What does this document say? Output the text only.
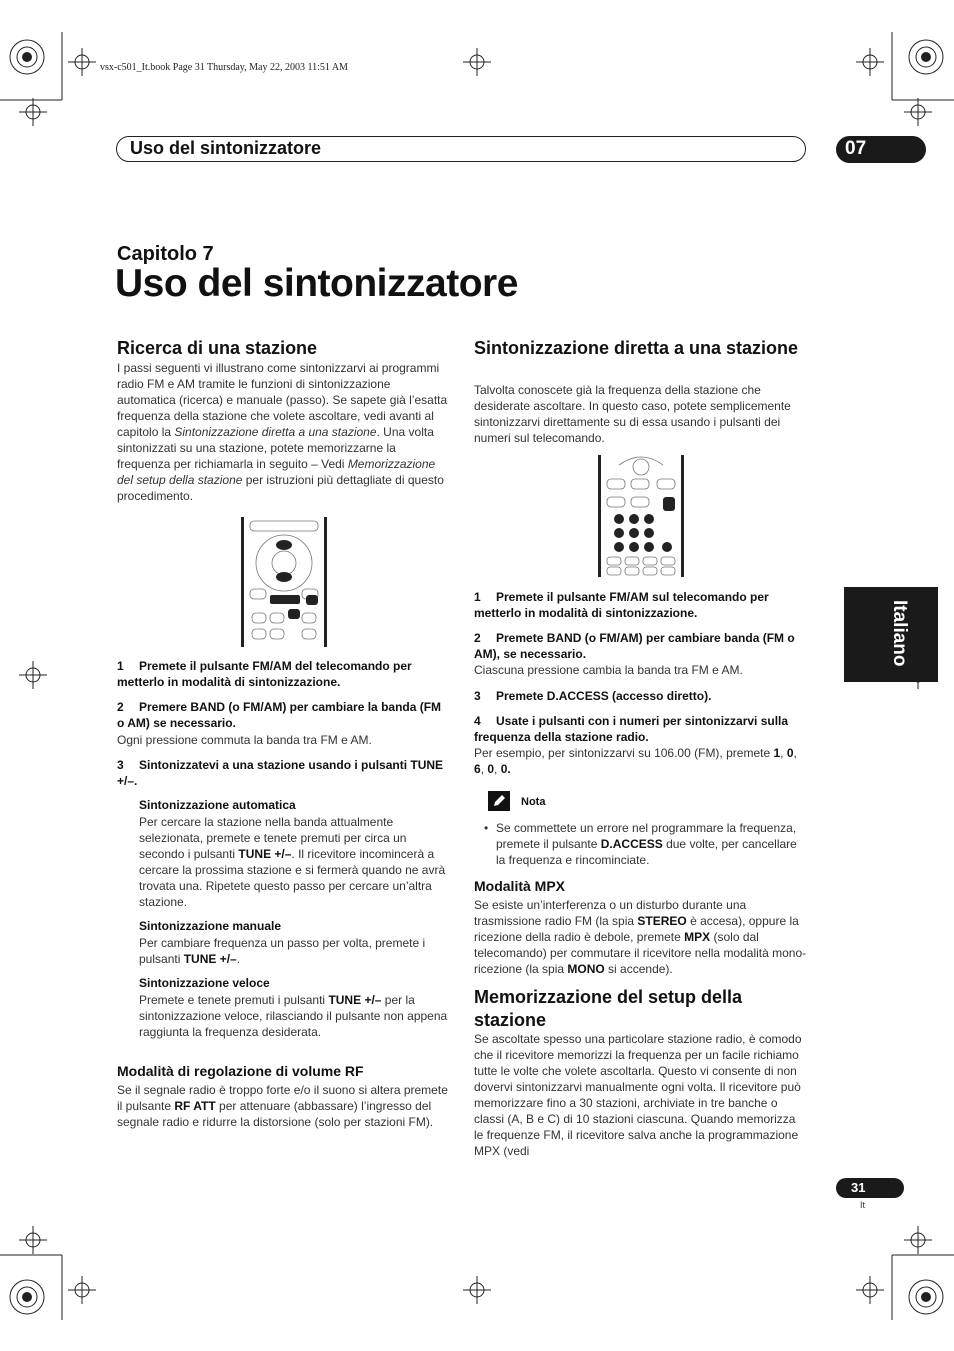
vsx-c501_It.book Page 31 Thursday, May 22, 2003 11:51 AM
Uso del sintonizzatore	07
Capitolo 7
Uso del sintonizzatore
Ricerca di una stazione
I passi seguenti vi illustrano come sintonizzarvi ai programmi radio FM e AM tramite le funzioni di sintonizzazione automatica (ricerca) e manuale (passo). Se sapete già l’esatta frequenza della stazione che volete ascoltare, vedi avanti al capitolo la Sintonizzazione diretta a una stazione. Una volta sintonizzati su una stazione, potete memorizzarne la frequenza per richiamarla in seguito – Vedi Memorizzazione del setup della stazione per istruzioni più dettagliate di questo procedimento.
1 Premete il pulsante FM/AM del telecomando per metterlo in modalità di sintonizzazione.
2 Premere BAND (o FM/AM) per cambiare la banda (FM o AM) se necessario.
Ogni pressione commuta la banda tra FM e AM.
3 Sintonizzatevi a una stazione usando i pulsanti TUNE +/–.
Sintonizzazione automatica
Per cercare la stazione nella banda attualmente selezionata, premete e tenete premuti per circa un secondo i pulsanti TUNE +/–. Il ricevitore incomincerà a cercare la prossima stazione e si fermerà quando ne avrà trovata una. Ripetete questo passo per cercare un’altra stazione.
Sintonizzazione manuale
Per cambiare frequenza un passo per volta, premete i pulsanti TUNE +/–.
Sintonizzazione veloce
Premete e tenete premuti i pulsanti TUNE +/– per la sintonizzazione veloce, rilasciando il pulsante non appena raggiunta la frequenza desiderata.
Modalità di regolazione di volume RF
Se il segnale radio è troppo forte e/o il suono si altera premete il pulsante RF ATT per attenuare (abbassare) l’ingresso del segnale radio e ridurre la distorsione (solo per stazioni FM).
Sintonizzazione diretta a una stazione
Talvolta conoscete già la frequenza della stazione che desiderate ascoltare. In questo caso, potete semplicemente sintonizzarvi direttamente su di essa usando i pulsanti dei numeri sul telecomando.
1 Premete il pulsante FM/AM sul telecomando per metterlo in modalità di sintonizzazione.
2 Premete BAND (o FM/AM) per cambiare banda (FM o AM), se necessario.
Ciascuna pressione cambia la banda tra FM e AM.
3 Premete D.ACCESS (accesso diretto).
4 Usate i pulsanti con i numeri per sintonizzarvi sulla frequenza della stazione radio.
Per esempio, per sintonizzarvi su 106.00 (FM), premete 1, 0, 6, 0, 0.
Nota
• Se commettete un errore nel programmare la frequenza, premete il pulsante D.ACCESS due volte, per cancellare la frequenza e rincominciate.
Modalità MPX
Se esiste un’interferenza o un disturbo durante una trasmissione radio FM (la spia STEREO è accesa), oppure la ricezione della radio è debole, premete MPX (solo dal telecomando) per commutare il ricevitore nella modalità mono-ricezione (la spia MONO si accende).
Memorizzazione del setup della stazione
Se ascoltate spesso una particolare stazione radio, è comodo che il ricevitore memorizzi la frequenza per un facile richiamo tutte le volte che volete ascoltarla. Questo vi consente di non dovervi sintonizzarvi manualmente ogni volta. Il ricevitore può memorizzare fino a 30 stazioni, archiviate in tre banche o classi (A, B e C) di 10 stazioni ciascuna. Quando memorizza le frequenze FM, il ricevitore salva anche la programmazione MPX (vedi
Italiano
31
It
